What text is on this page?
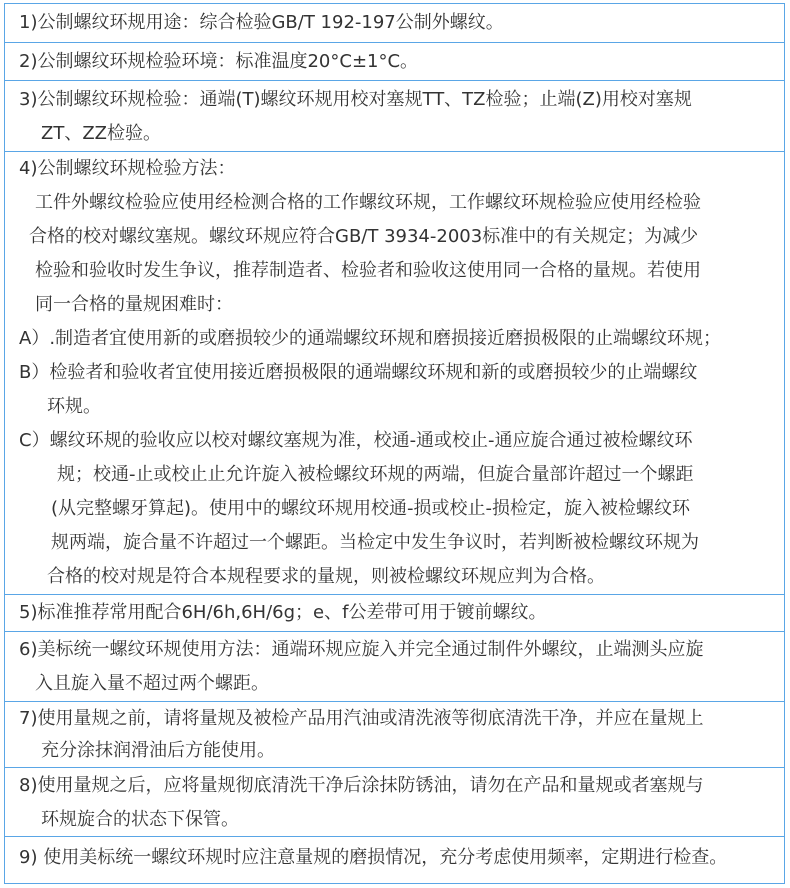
1)公制螺纹环规用途：综合检验GB/T 192-197公制外螺纹。
2)公制螺纹环规检验环境：标准温度20°C±1°C。
3)公制螺纹环规检验：通端(T)螺纹环规用校对塞规TT、TZ检验；止端(Z)用校对塞规
ZT、ZZ检验。
4)公制螺纹环规检验方法：
工件外螺纹检验应使用经检测合格的工作螺纹环规，工作螺纹环规检验应使用经检验
合格的校对螺纹塞规。螺纹环规应符合GB/T 3934-2003标准中的有关规定；为减少
检验和验收时发生争议，推荐制造者、检验者和验收这使用同一合格的量规。若使用
同一合格的量规困难时：
A）.制造者宜使用新的或磨损较少的通端螺纹环规和磨损接近磨损极限的止端螺纹环规；
B）检验者和验收者宜使用接近磨损极限的通端螺纹环规和新的或磨损较少的止端螺纹
环规。
C）螺纹环规的验收应以校对螺纹塞规为准，校通-通或校止-通应旋合通过被检螺纹环
规；校通-止或校止止允许旋入被检螺纹环规的两端，但旋合量部许超过一个螺距
(从完整螺牙算起)。使用中的螺纹环规用校通-损或校止-损检定，旋入被检螺纹环
规两端，旋合量不许超过一个螺距。当检定中发生争议时，若判断被检螺纹环规为
合格的校对规是符合本规程要求的量规，则被检螺纹环规应判为合格。
5)标准推荐常用配合6H/6h,6H/6g；e、f公差带可用于镀前螺纹。
6)美标统一螺纹环规使用方法：通端环规应旋入并完全通过制件外螺纹，止端测头应旋
入且旋入量不超过两个螺距。
7)使用量规之前，请将量规及被检产品用汽油或清洗液等彻底清洗干净，并应在量规上
充分涂抹润滑油后方能使用。
8)使用量规之后，应将量规彻底清洗干净后涂抹防锈油，请勿在产品和量规或者塞规与
环规旋合的状态下保管。
9) 使用美标统一螺纹环规时应注意量规的磨损情况，充分考虑使用频率，定期进行检查。
